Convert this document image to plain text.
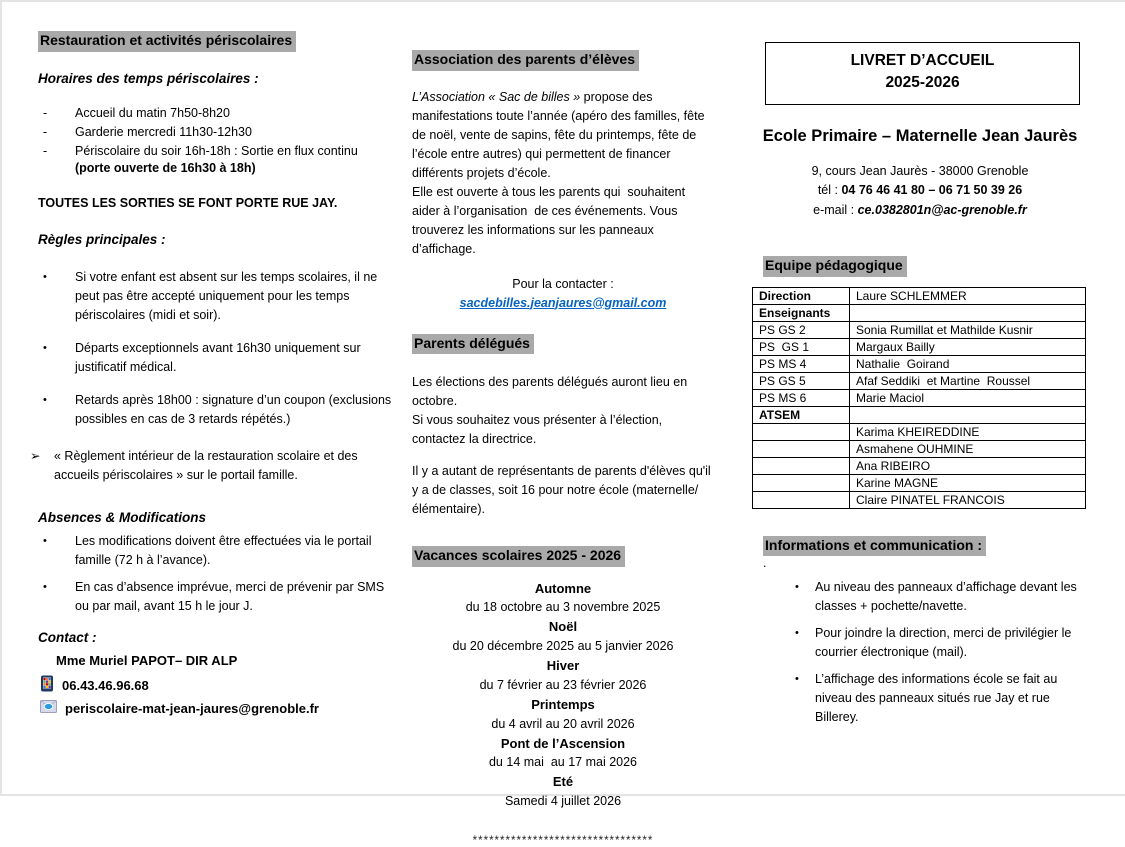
Restauration et activités périscolaires

Horaires des temps périscolaires :

-	Accueil du matin 7h50-8h20
-	Garderie mercredi 11h30-12h30
-	Périscolaire du soir 16h-18h : Sortie en flux continu
(porte ouverte de 16h30 à 18h)

TOUTES LES SORTIES SE FONT PORTE RUE JAY.

Règles principales :

•	Si votre enfant est absent sur les temps scolaires, il ne peut pas être accepté uniquement pour les temps périscolaires (midi et soir).
•	Départs exceptionnels avant 16h30 uniquement sur justificatif médical.
•	Retards après 18h00 : signature d’un coupon (exclusions possibles en cas de 3 retards répétés.)
➢	« Règlement intérieur de la restauration scolaire et des accueils périscolaires » sur le portail famille.

Absences & Modifications

•	Les modifications doivent être effectuées via le portail famille (72 h à l’avance).
•	En cas d’absence imprévue, merci de prévenir par SMS ou par mail, avant 15 h le jour J.

Contact :

Mme Muriel PAPOT– DIR ALP

06.43.46.96.68
periscolaire-mat-jean-jaures@grenoble.fr
Association des parents d’élèves

L’Association « Sac de billes » propose des manifestations toute l’année (apéro des familles, fête de noël, vente de sapins, fête du printemps, fête de l’école entre autres) qui permettent de financer différents projets d’école.

Elle est ouverte à tous les parents qui  souhaitent aider à l’organisation  de ces événements. Vous trouverez les informations sur les panneaux d’affichage.

Pour la contacter :

sacdebilles.jeanjaures@gmail.com

Parents délégués

Les élections des parents délégués auront lieu en octobre.

Si vous souhaitez vous présenter à l’élection, contactez la directrice.

Il y a autant de représentants de parents d'élèves qu'il y a de classes, soit 16 pour notre école (maternelle/élémentaire).

Vacances scolaires 2025 - 2026
Automne
du 18 octobre au 3 novembre 2025
Noël
du 20 décembre 2025 au 5 janvier 2026
Hiver
du 7 février au 23 février 2026
Printemps
du 4 avril au 20 avril 2026
Pont de l’Ascension
du 14 mai  au 17 mai 2026
Eté
Samedi 4 juillet 2026
*********************************
LIVRET D’ACCUEIL
2025-2026

Ecole Primaire – Maternelle Jean Jaurès

9, cours Jean Jaurès - 38000 Grenoble
tél : 04 76 46 41 80 – 06 71 50 39 26
e-mail : ce.0382801n@ac-grenoble.fr
Equipe pédagogique
Direction	Laure SCHLEMMER
Enseignants	
PS GS 2	Sonia Rumillat et Mathilde Kusnir
PS  GS 1	Margaux Bailly
PS MS 4	Nathalie  Goirand
PS GS 5	Afaf Seddiki  et Martine  Roussel
PS MS 6	Marie Maciol
ATSEM	
	Karima KHEIREDDINE
	Asmahene OUHMINE
	Ana RIBEIRO
	Karine MAGNE
	Claire PINATEL FRANCOIS
Informations et communication :
.
•	Au niveau des panneaux d’affichage devant les classes + pochette/navette.
•	Pour joindre la direction, merci de privilégier le courrier électronique (mail).
•	L’affichage des informations école se fait au niveau des panneaux situés rue Jay et rue Billerey.
